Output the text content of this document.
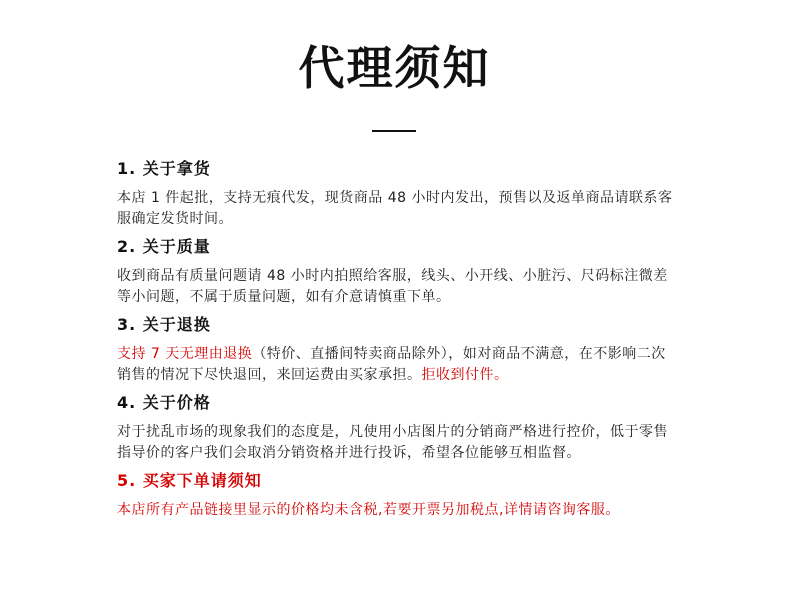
代理须知
1. 关于拿货
本店 1 件起批，支持无痕代发，现货商品 48 小时内发出，预售以及返单商品请联系客服确定发货时间。
2. 关于质量
收到商品有质量问题请 48 小时内拍照给客服，线头、小开线、小脏污、尺码标注微差等小问题，不属于质量问题，如有介意请慎重下单。
3. 关于退换
支持 7 天无理由退换（特价、直播间特卖商品除外），如对商品不满意，在不影响二次销售的情况下尽快退回，来回运费由买家承担。拒收到付件。
4. 关于价格
对于扰乱市场的现象我们的态度是，凡使用小店图片的分销商严格进行控价，低于零售指导价的客户我们会取消分销资格并进行投诉，希望各位能够互相监督。
5. 买家下单请须知
本店所有产品链接里显示的价格均未含税,若要开票另加税点,详情请咨询客服。
